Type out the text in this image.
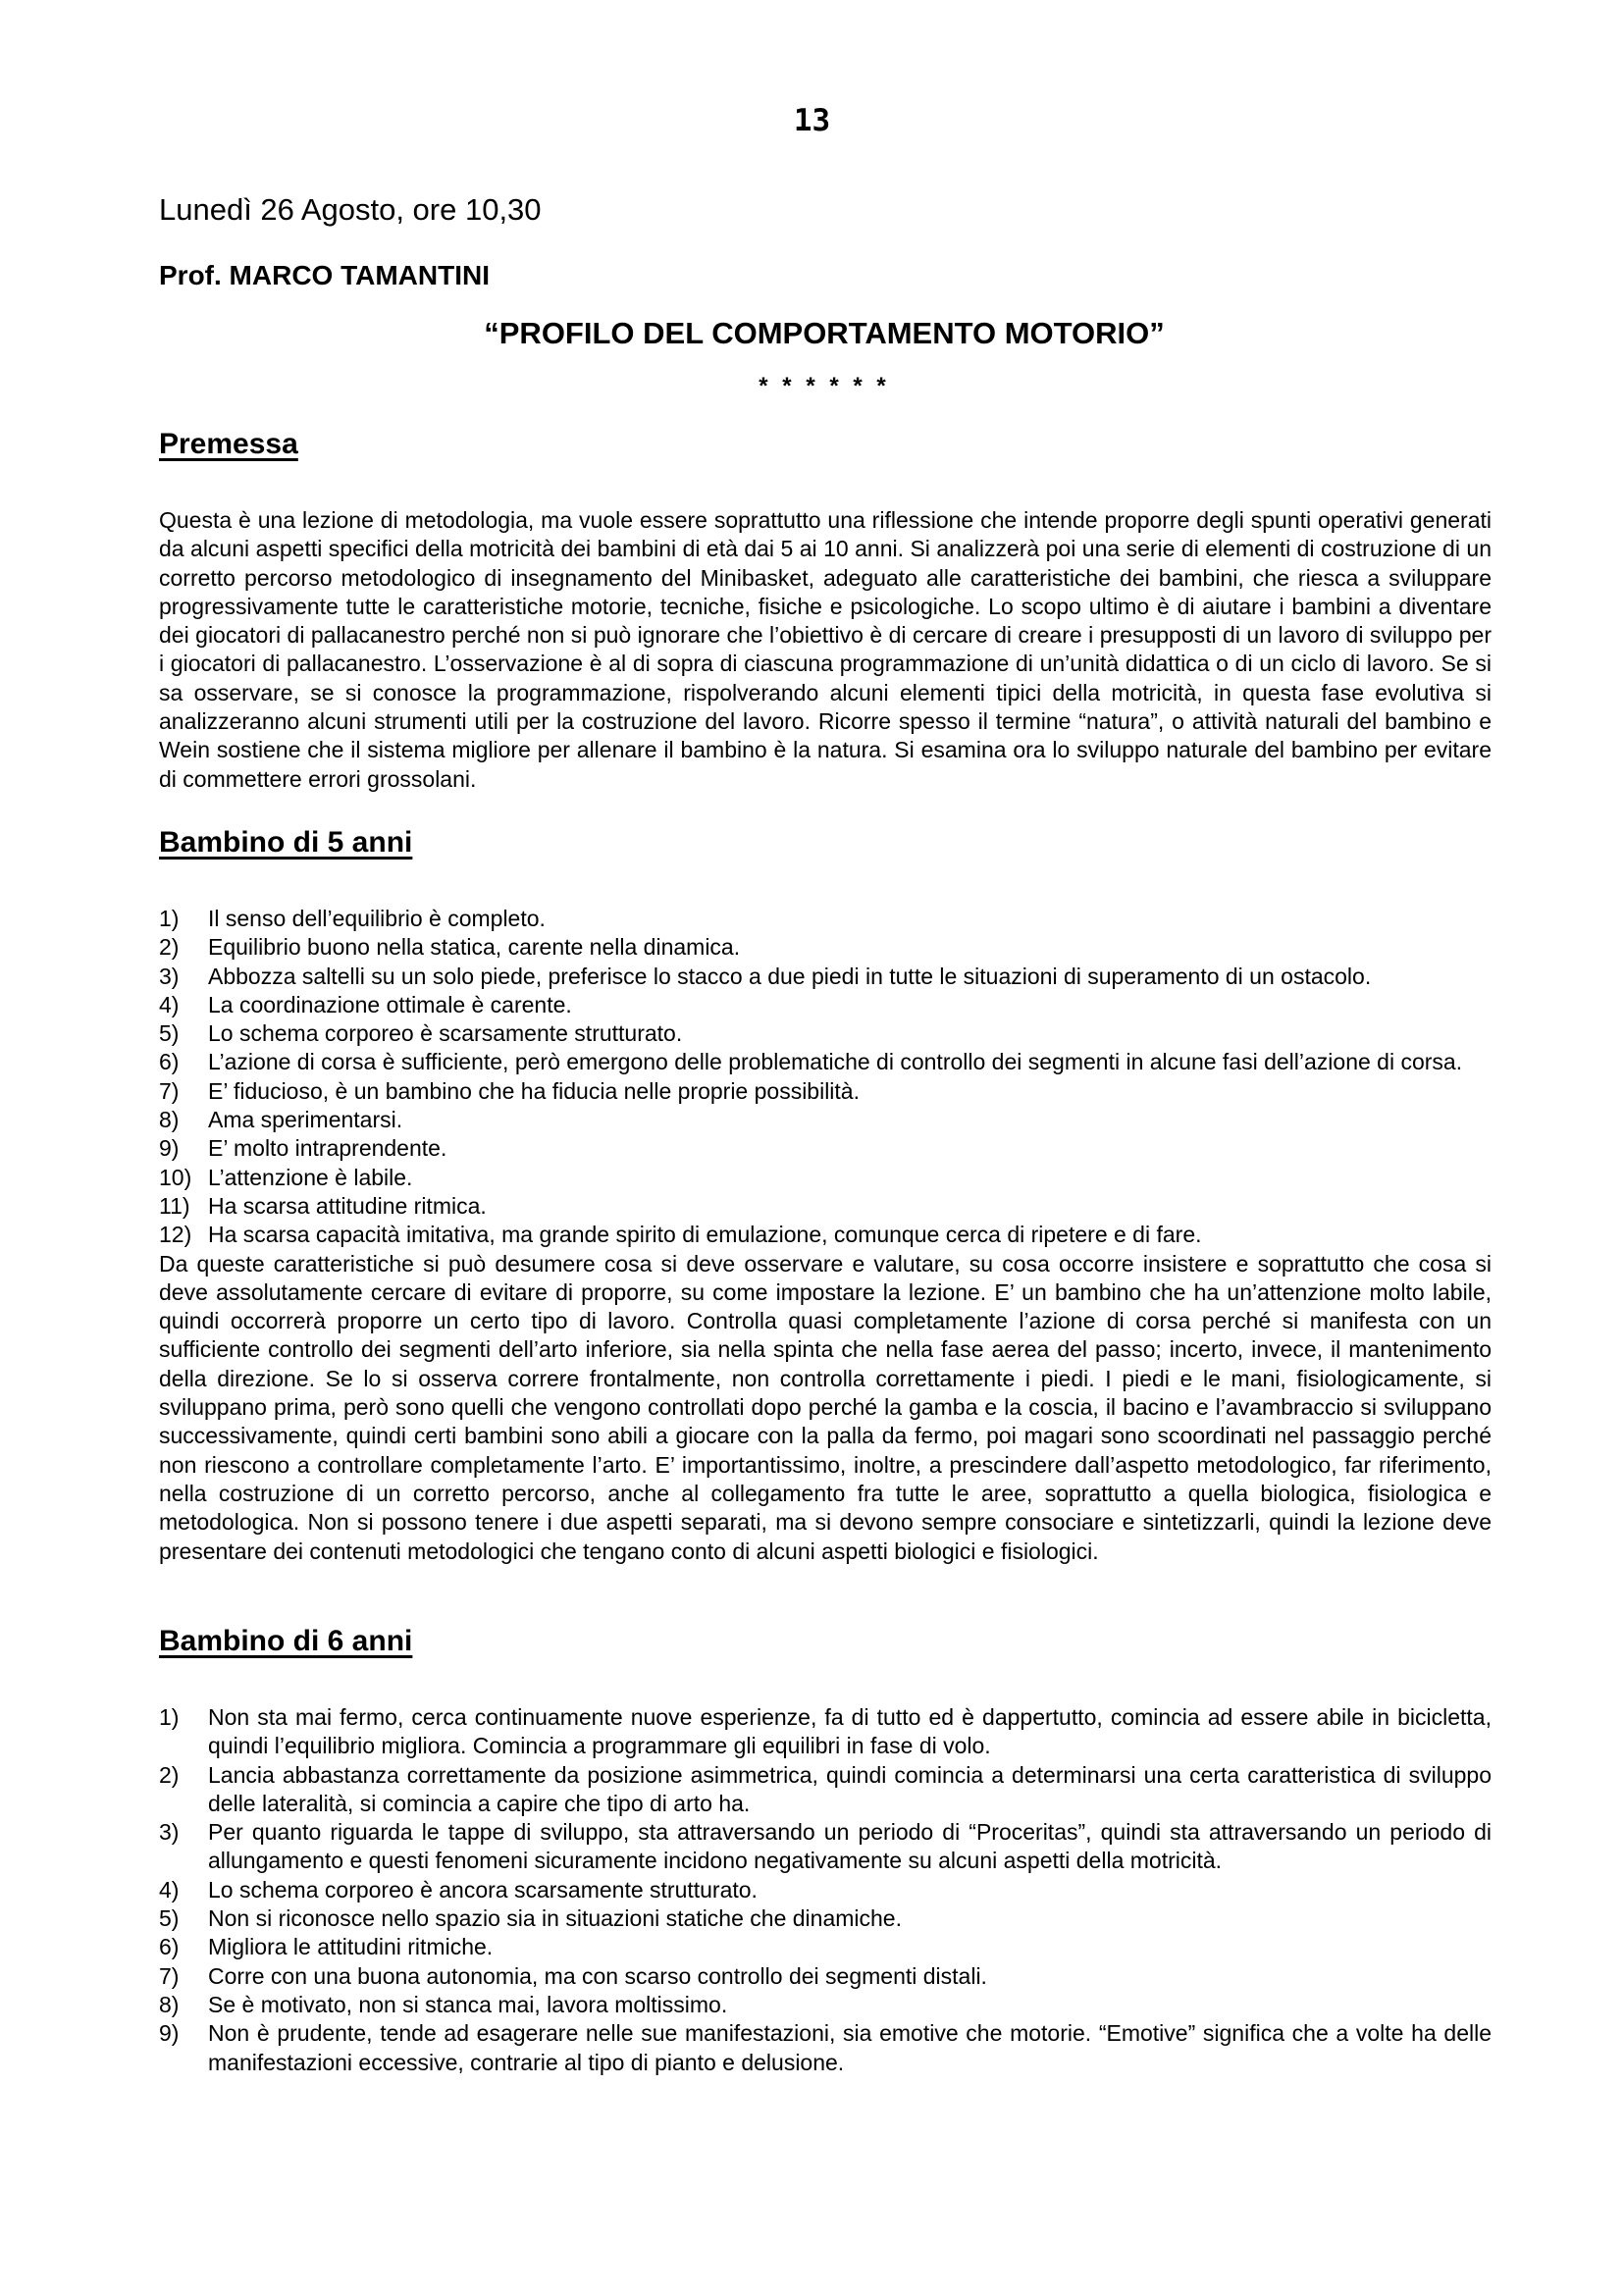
13
Lunedì 26 Agosto, ore 10,30
Prof. MARCO TAMANTINI
“PROFILO DEL COMPORTAMENTO MOTORIO”
* * * * * *
Premessa

Questa è una lezione di metodologia, ma vuole essere soprattutto una riflessione che intende proporre degli spunti operativi generati da alcuni aspetti specifici della motricità dei bambini di età dai 5 ai 10 anni. Si analizzerà poi una serie di elementi di costruzione di un corretto percorso metodologico di insegnamento del Minibasket, adeguato alle caratteristiche dei bambini, che riesca a sviluppare progressivamente tutte le caratteristiche motorie, tecniche, fisiche e psicologiche. Lo scopo ultimo è di aiutare i bambini a diventare dei giocatori di pallacanestro perché non si può ignorare che l’obiettivo è di cercare di creare i presupposti di un lavoro di sviluppo per i giocatori di pallacanestro. L’osservazione è al di sopra di ciascuna programmazione di un’unità didattica o di un ciclo di lavoro. Se si sa osservare, se si conosce la programmazione, rispolverando alcuni elementi tipici della motricità, in questa fase evolutiva si analizzeranno alcuni strumenti utili per la costruzione del lavoro. Ricorre spesso il termine “natura”, o attività naturali del bambino e Wein sostiene che il sistema migliore per allenare il bambino è la natura. Si esamina ora lo sviluppo naturale del bambino per evitare di commettere errori grossolani.

Bambino di 5 anni
1) Il senso dell’equilibrio è completo.
2) Equilibrio buono nella statica, carente nella dinamica.
3) Abbozza saltelli su un solo piede, preferisce lo stacco a due piedi in tutte le situazioni di superamento di un ostacolo.
4) La coordinazione ottimale è carente.
5) Lo schema corporeo è scarsamente strutturato.
6) L’azione di corsa è sufficiente, però emergono delle problematiche di controllo dei segmenti in alcune fasi dell’azione di corsa.
7) E’ fiducioso, è un bambino che ha fiducia nelle proprie possibilità.
8) Ama sperimentarsi.
9) E’ molto intraprendente.
10) L’attenzione è labile.
11) Ha scarsa attitudine ritmica.
12) Ha scarsa capacità imitativa, ma grande spirito di emulazione, comunque cerca di ripetere e di fare.

Da queste caratteristiche si può desumere cosa si deve osservare e valutare, su cosa occorre insistere e soprattutto che cosa si deve assolutamente cercare di evitare di proporre, su come impostare la lezione. E’ un bambino che ha un’attenzione molto labile, quindi occorrerà proporre un certo tipo di lavoro. Controlla quasi completamente l’azione di corsa perché si manifesta con un sufficiente controllo dei segmenti dell’arto inferiore, sia nella spinta che nella fase aerea del passo; incerto, invece, il mantenimento della direzione. Se lo si osserva correre frontalmente, non controlla correttamente i piedi. I piedi e le mani, fisiologicamente, si sviluppano prima, però sono quelli che vengono controllati dopo perché la gamba e la coscia, il bacino e l’avambraccio si sviluppano successivamente, quindi certi bambini sono abili a giocare con la palla da fermo, poi magari sono scoordinati nel passaggio perché non riescono a controllare completamente l’arto. E’ importantissimo, inoltre, a prescindere dall’aspetto metodologico, far riferimento, nella costruzione di un corretto percorso, anche al collegamento fra tutte le aree, soprattutto a quella biologica, fisiologica e metodologica. Non si possono tenere i due aspetti separati, ma si devono sempre consociare e sintetizzarli, quindi la lezione deve presentare dei contenuti metodologici che tengano conto di alcuni aspetti biologici e fisiologici.

Bambino di 6 anni
1) Non sta mai fermo, cerca continuamente nuove esperienze, fa di tutto ed è dappertutto, comincia ad essere abile in bicicletta, quindi l’equilibrio migliora. Comincia a programmare gli equilibri in fase di volo.
2) Lancia abbastanza correttamente da posizione asimmetrica, quindi comincia a determinarsi una certa caratteristica di sviluppo delle lateralità, si comincia a capire che tipo di arto ha.
3) Per quanto riguarda le tappe di sviluppo, sta attraversando un periodo di “Proceritas”, quindi sta attraversando un periodo di allungamento e questi fenomeni sicuramente incidono negativamente su alcuni aspetti della motricità.
4) Lo schema corporeo è ancora scarsamente strutturato.
5) Non si riconosce nello spazio sia in situazioni statiche che dinamiche.
6) Migliora le attitudini ritmiche.
7) Corre con una buona autonomia, ma con scarso controllo dei segmenti distali.
8) Se è motivato, non si stanca mai, lavora moltissimo.
9) Non è prudente, tende ad esagerare nelle sue manifestazioni, sia emotive che motorie. “Emotive” significa che a volte ha delle manifestazioni eccessive, contrarie al tipo di pianto e delusione.
